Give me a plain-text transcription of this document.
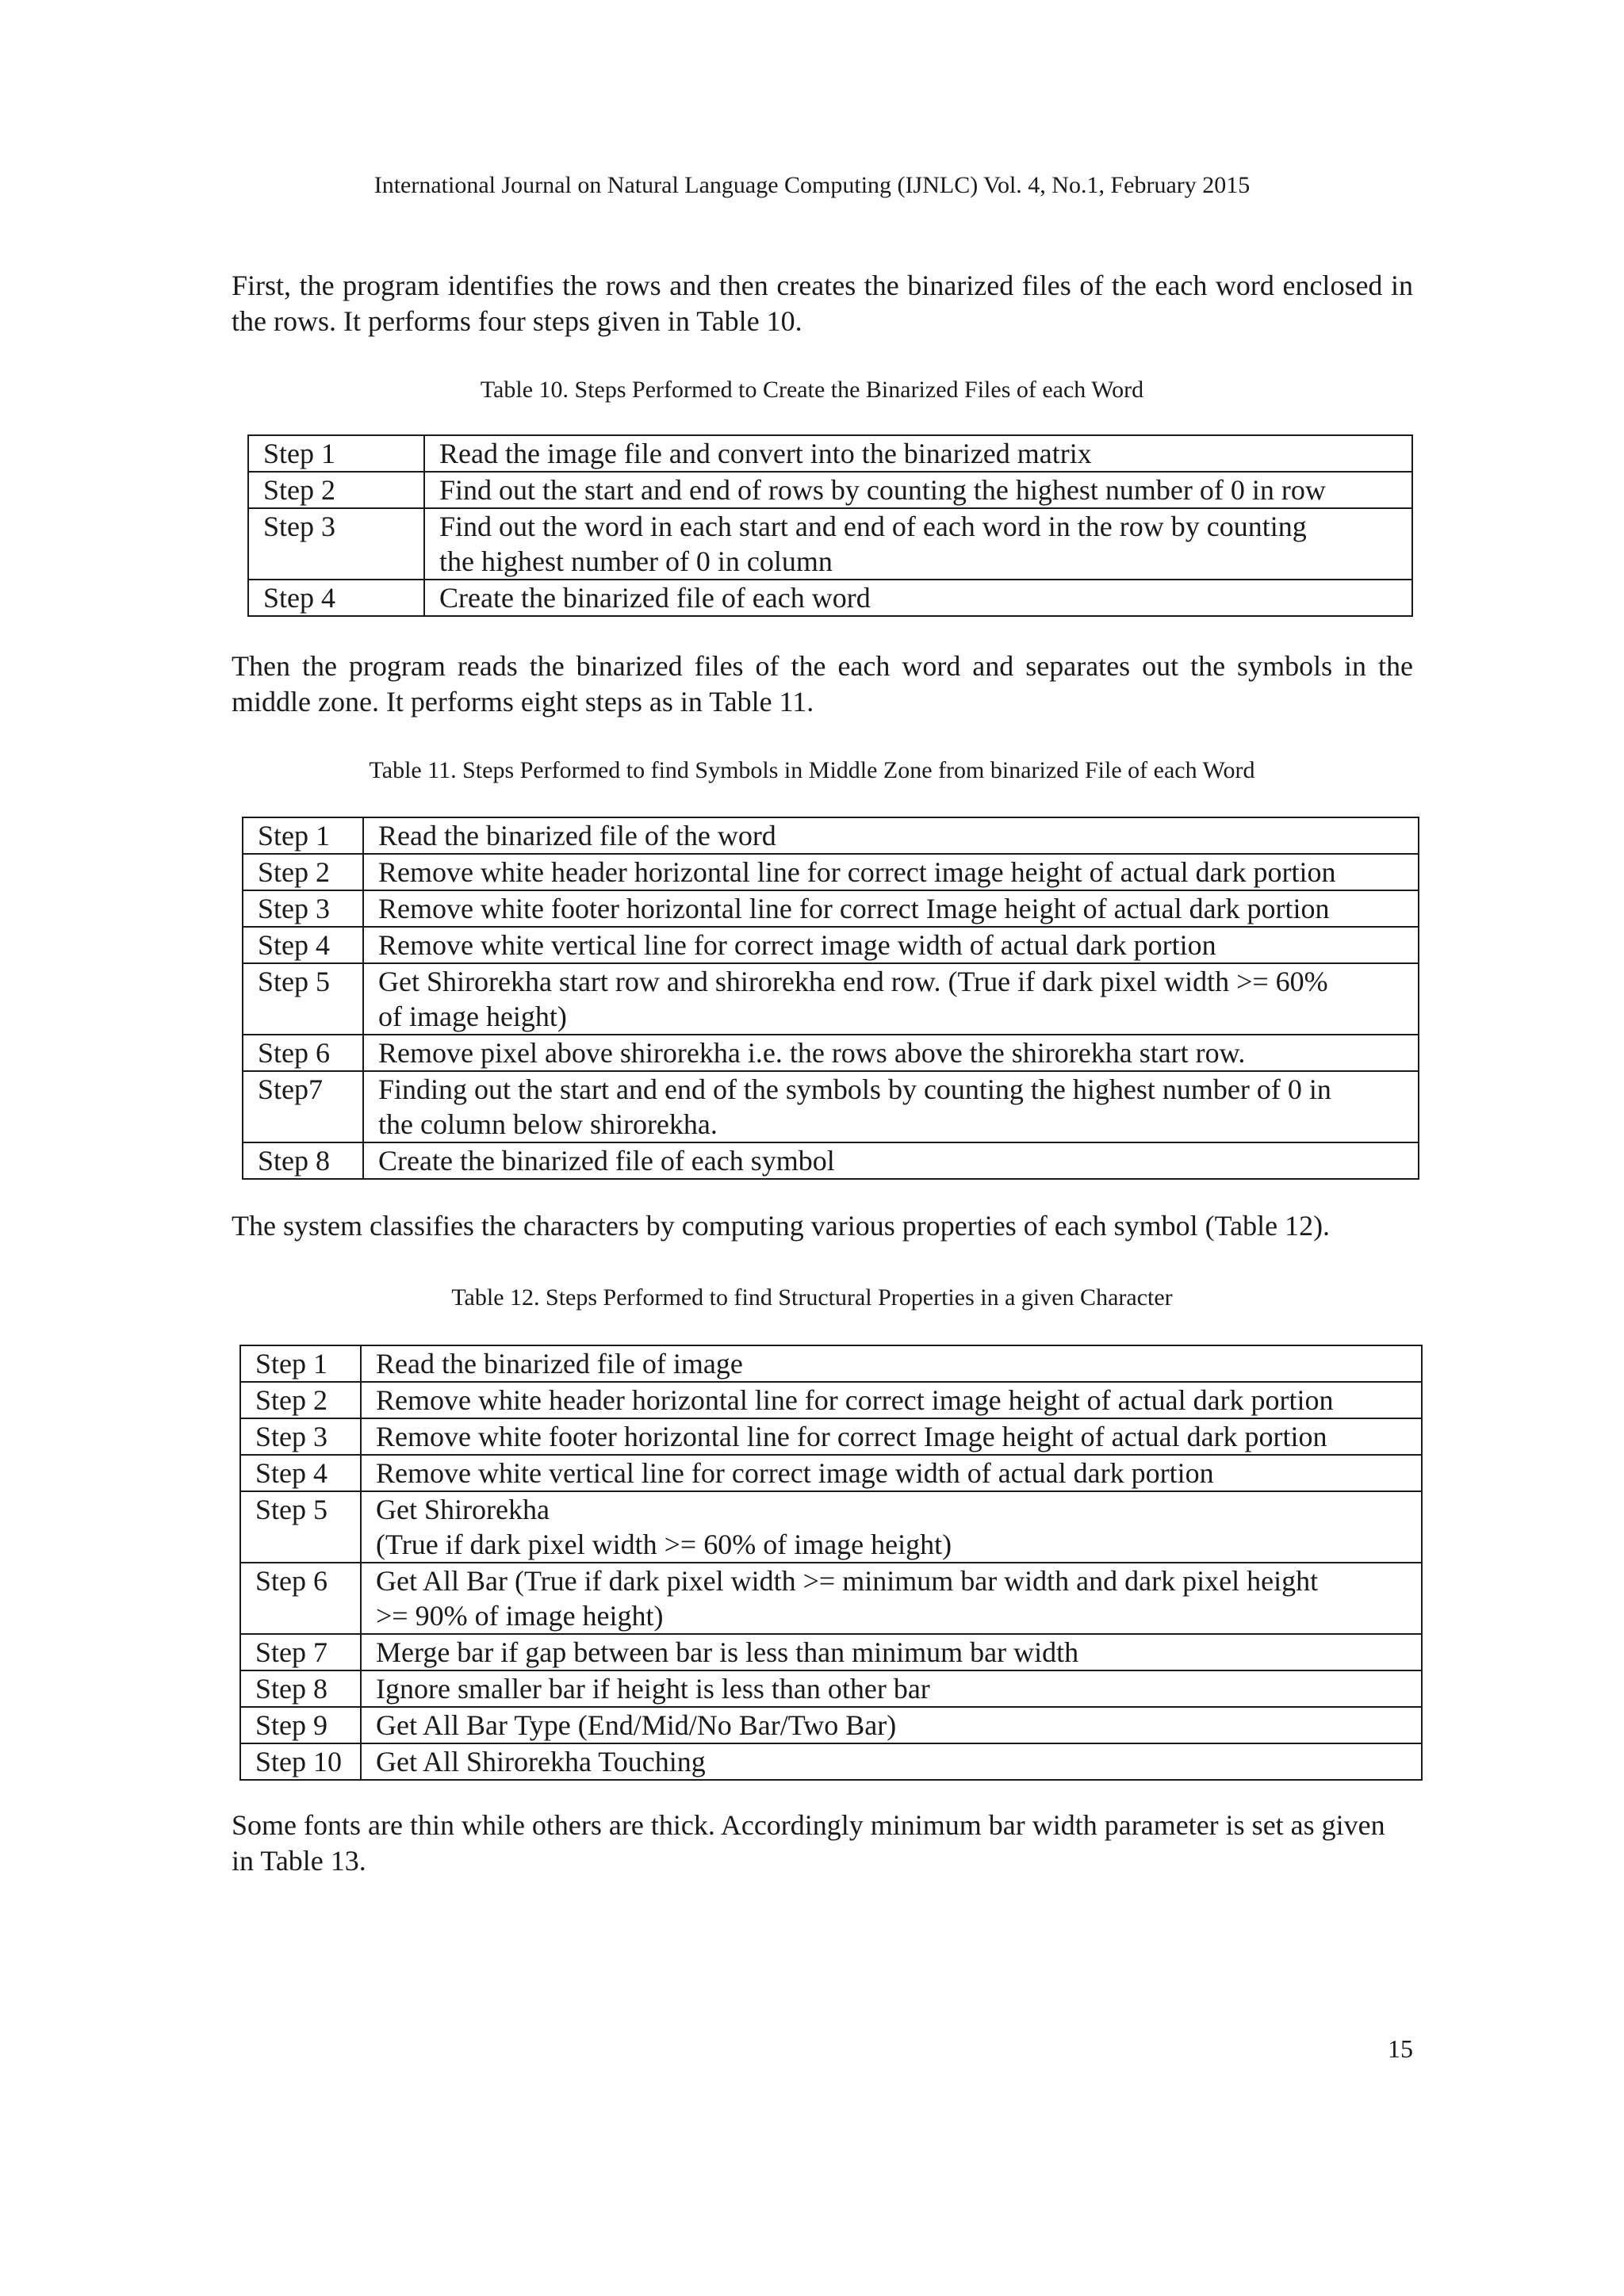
International Journal on Natural Language Computing (IJNLC) Vol. 4, No.1, February 2015

First, the program identifies the rows and then creates the binarized files of the each word enclosed in the rows. It performs four steps given in Table 10.

Table 10. Steps Performed to Create the Binarized Files of each Word
Step 1	Read the image file and convert into the binarized matrix
Step 2	Find out the start and end of rows by counting the highest number of 0 in row
Step 3	Find out the word in each start and end of each word in the row by counting
the highest number of 0 in column
Step 4	Create the binarized file of each word

Then the program reads the binarized files of the each word and separates out the symbols in the middle zone. It performs eight steps as in Table 11.

Table 11. Steps Performed to find Symbols in Middle Zone from binarized File of each Word
Step 1	Read the binarized file of the word
Step 2	Remove white header horizontal line for correct image height of actual dark portion
Step 3	Remove white footer horizontal line for correct Image height of actual dark portion
Step 4	Remove white vertical line for correct image width of actual dark portion
Step 5	Get Shirorekha start row and shirorekha end row. (True if dark pixel width >= 60%
of image height)
Step 6	Remove pixel above shirorekha i.e. the rows above the shirorekha start row.
Step7	Finding out the start and end of the symbols by counting the highest number of 0 in
the column below shirorekha.
Step 8	Create the binarized file of each symbol

The system classifies the characters by computing various properties of each symbol (Table 12).

Table 12. Steps Performed to find Structural Properties in a given Character
Step 1	Read the binarized file of image
Step 2	Remove white header horizontal line for correct image height of actual dark portion
Step 3	Remove white footer horizontal line for correct Image height of actual dark portion
Step 4	Remove white vertical line for correct image width of actual dark portion
Step 5	Get Shirorekha
(True if dark pixel width >= 60% of image height)
Step 6	Get All Bar (True if dark pixel width >= minimum bar width and dark pixel height
>= 90% of image height)
Step 7	Merge bar if gap between bar is less than minimum bar width
Step 8	Ignore smaller bar if height is less than other bar
Step 9	Get All Bar Type (End/Mid/No Bar/Two Bar)
Step 10	Get All Shirorekha Touching

Some fonts are thin while others are thick. Accordingly minimum bar width parameter is set as given in Table 13.

15
